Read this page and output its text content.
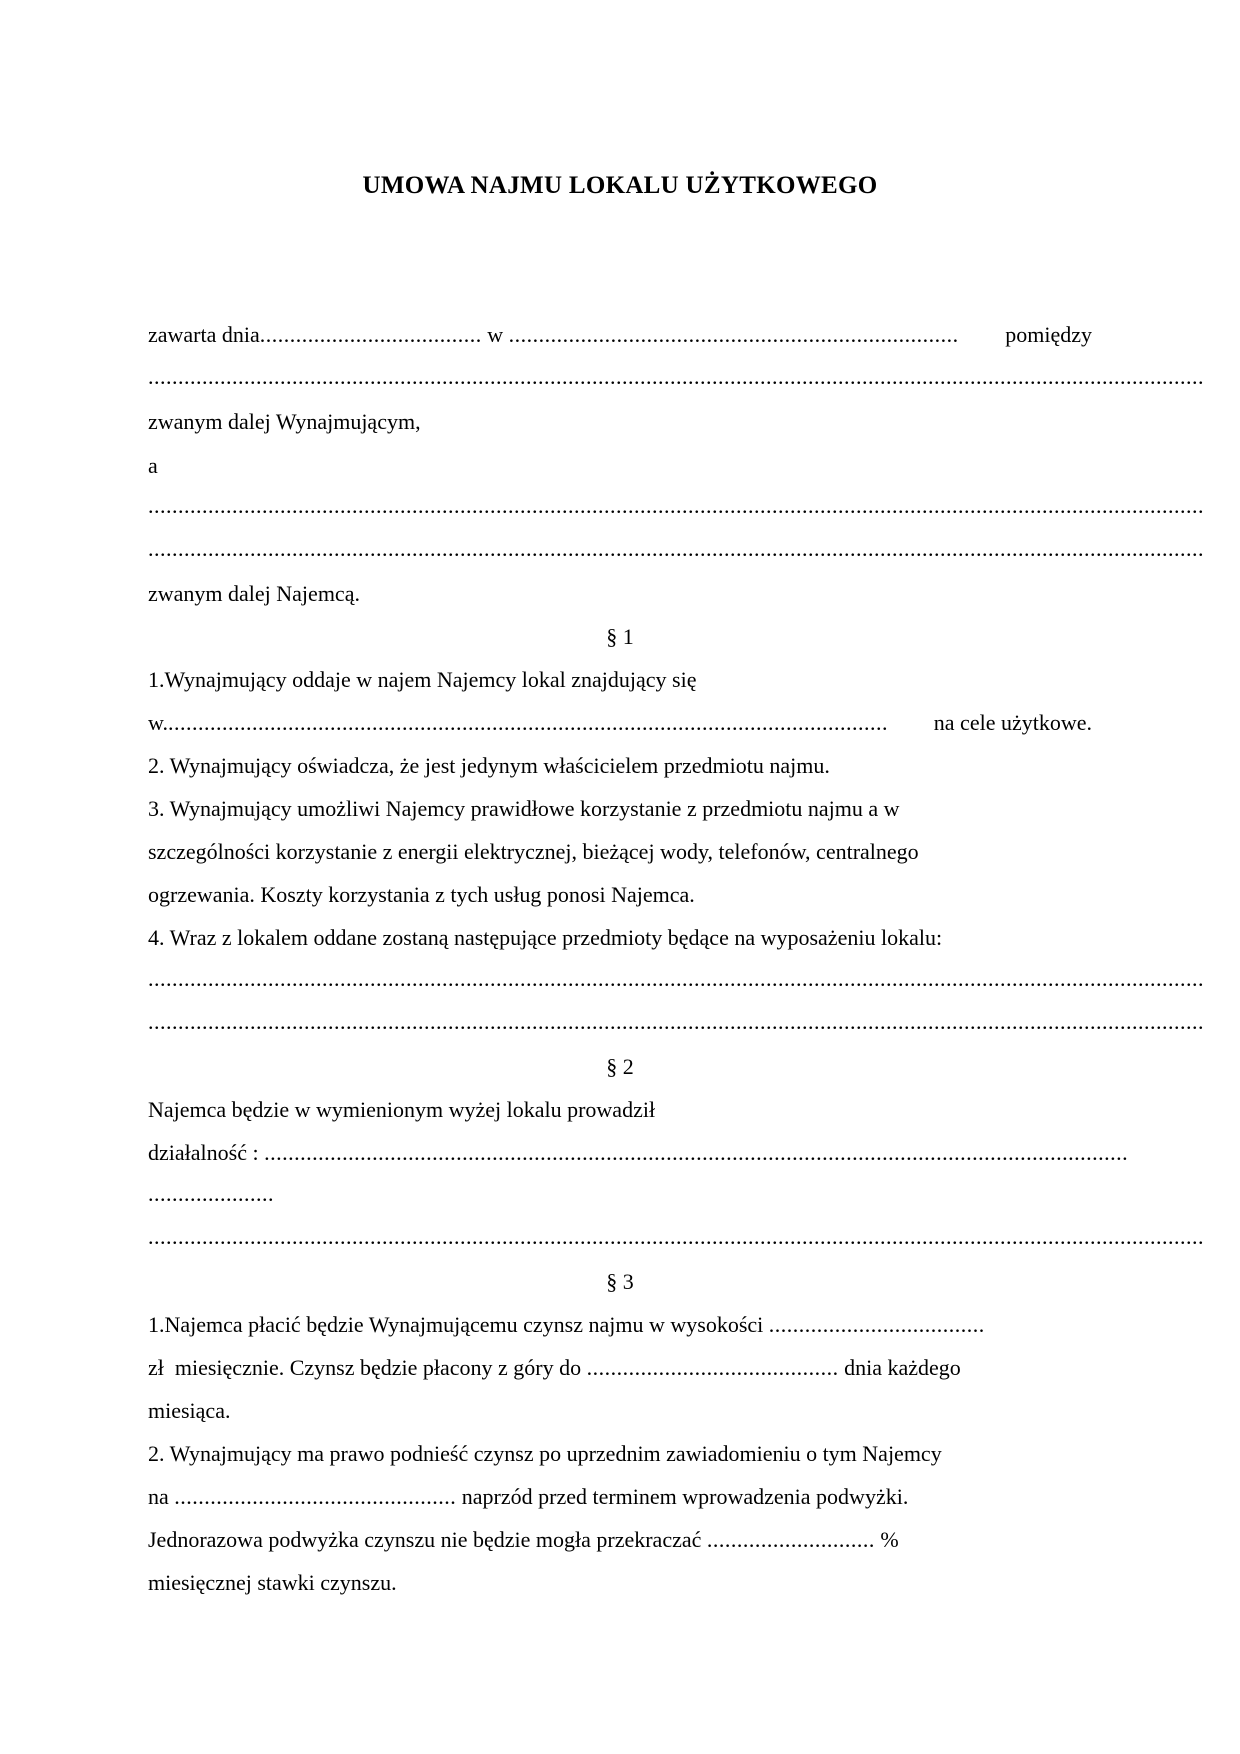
UMOWA NAJMU LOKALU UŻYTKOWEGO
zawarta dnia ..................................... w ...........................................................................	pomiędzy
................................................................................................................................................................................
zwanym dalej Wynajmującym,
a
................................................................................................................................................................................
................................................................................................................................................................................
zwanym dalej Najemcą.
§ 1
1.Wynajmujący oddaje w najem Najemcy lokal znajdujący się
w. ........................................................................................................................	na cele użytkowe.
2. Wynajmujący oświadcza, że jest jedynym właścicielem przedmiotu najmu.
3. Wynajmujący umożliwi Najemcy prawidłowe korzystanie z przedmiotu najmu a w
szczególności korzystanie z energii elektrycznej, bieżącej wody, telefonów, centralnego
ogrzewania. Koszty korzystania z tych usług ponosi Najemca.
4. Wraz z lokalem oddane zostaną następujące przedmioty będące na wyposażeniu lokalu:
................................................................................................................................................................................
................................................................................................................................................................................
§ 2
Najemca będzie w wymienionym wyżej lokalu prowadził
działalność : ................................................................................................................................................
.....................
................................................................................................................................................................................
§ 3
1.Najemca płacić będzie Wynajmującemu czynsz najmu w wysokości ....................................
zł  miesięcznie. Czynsz będzie płacony z góry do .......................................... dnia każdego
miesiąca.
2. Wynajmujący ma prawo podnieść czynsz po uprzednim zawiadomieniu o tym Najemcy
na ............................................... naprzód przed terminem wprowadzenia podwyżki.
Jednorazowa podwyżka czynszu nie będzie mogła przekraczać ............................ %
miesięcznej stawki czynszu.
